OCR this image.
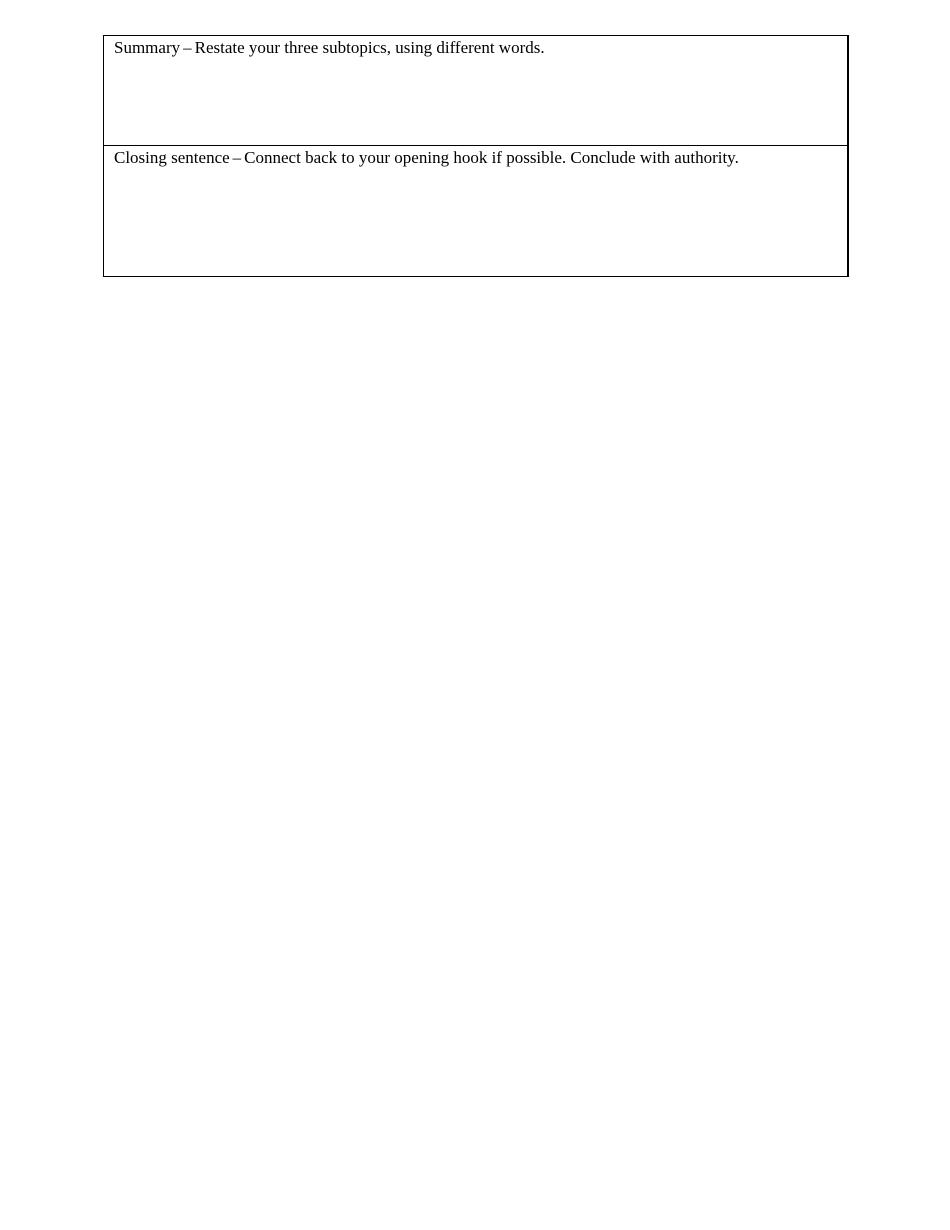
Summary – Restate your three subtopics, using different words.
Closing sentence – Connect back to your opening hook if possible. Conclude with authority.
